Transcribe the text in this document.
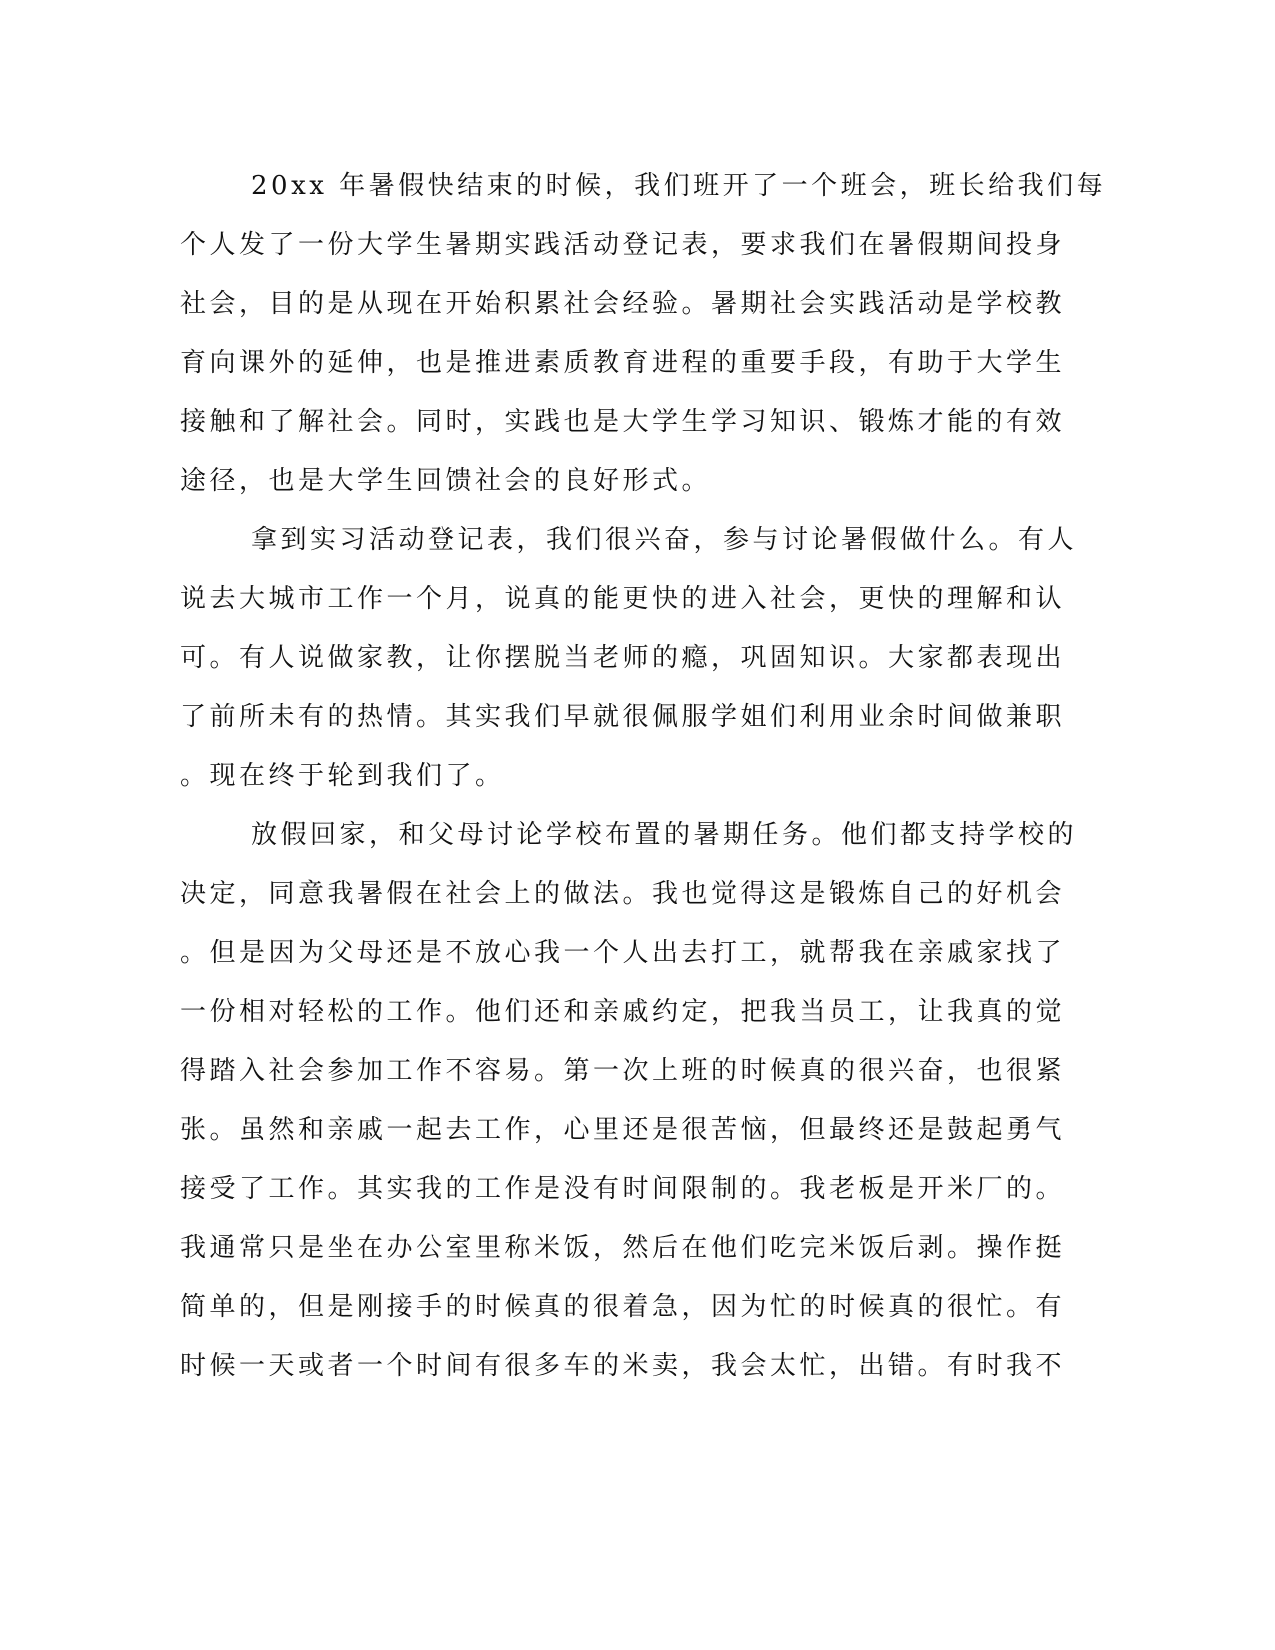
20xx 年暑假快结束的时候，我们班开了一个班会，班长给我们每
个人发了一份大学生暑期实践活动登记表，要求我们在暑假期间投身
社会，目的是从现在开始积累社会经验。暑期社会实践活动是学校教
育向课外的延伸，也是推进素质教育进程的重要手段，有助于大学生
接触和了解社会。同时，实践也是大学生学习知识、锻炼才能的有效
途径，也是大学生回馈社会的良好形式。
拿到实习活动登记表，我们很兴奋，参与讨论暑假做什么。有人
说去大城市工作一个月，说真的能更快的进入社会，更快的理解和认
可。有人说做家教，让你摆脱当老师的瘾，巩固知识。大家都表现出
了前所未有的热情。其实我们早就很佩服学姐们利用业余时间做兼职
。现在终于轮到我们了。
放假回家，和父母讨论学校布置的暑期任务。他们都支持学校的
决定，同意我暑假在社会上的做法。我也觉得这是锻炼自己的好机会
。但是因为父母还是不放心我一个人出去打工，就帮我在亲戚家找了
一份相对轻松的工作。他们还和亲戚约定，把我当员工，让我真的觉
得踏入社会参加工作不容易。第一次上班的时候真的很兴奋，也很紧
张。虽然和亲戚一起去工作，心里还是很苦恼，但最终还是鼓起勇气
接受了工作。其实我的工作是没有时间限制的。我老板是开米厂的。
我通常只是坐在办公室里称米饭，然后在他们吃完米饭后剥。操作挺
简单的，但是刚接手的时候真的很着急，因为忙的时候真的很忙。有
时候一天或者一个时间有很多车的米卖，我会太忙，出错。有时我不
